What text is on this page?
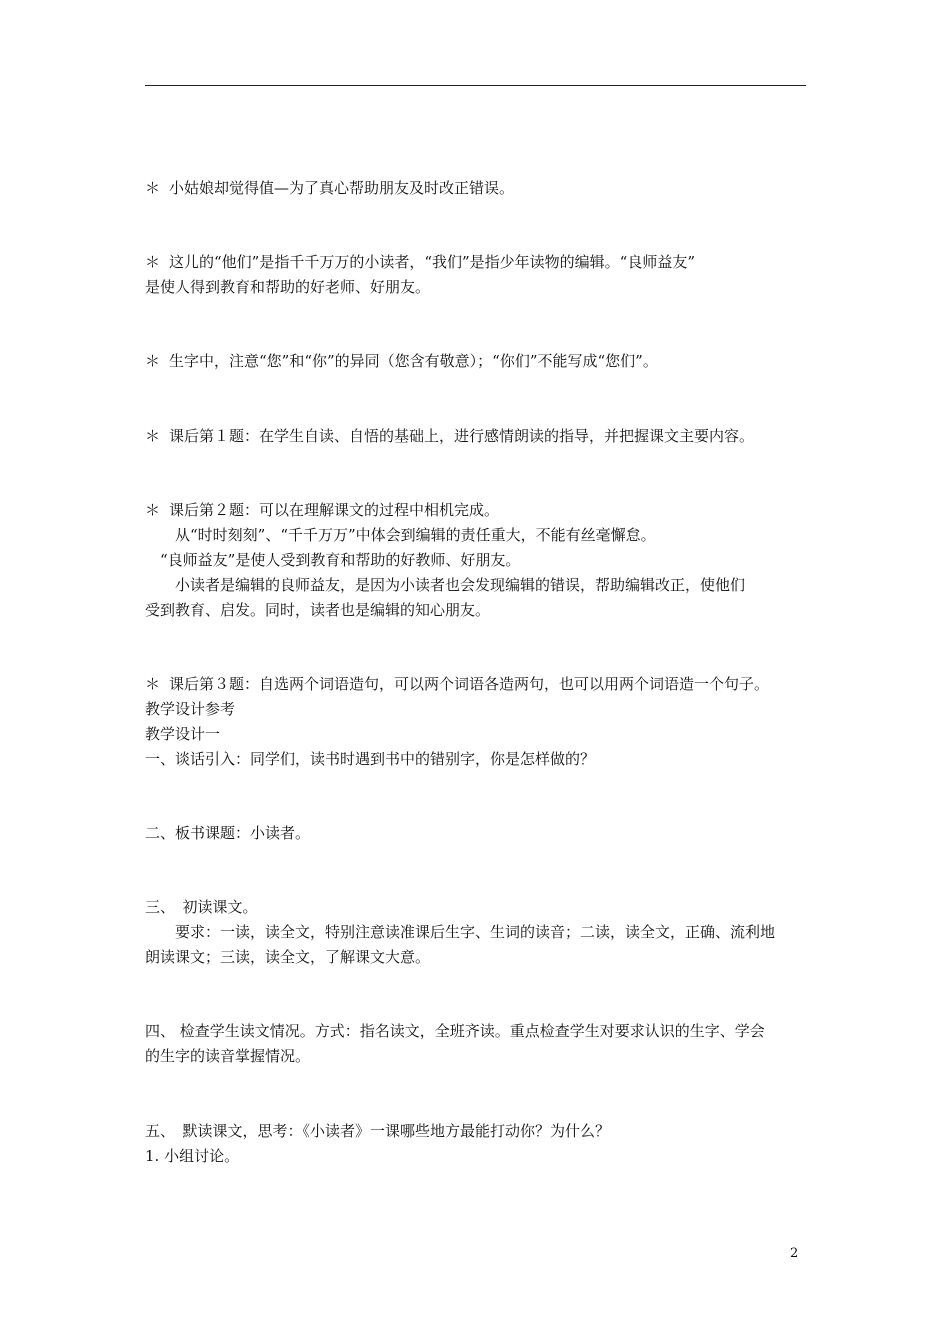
＊ 小姑娘却觉得值—为了真心帮助朋友及时改正错误。
＊ 这儿的“他们”是指千千万万的小读者，“我们”是指少年读物的编辑。“良师益友”
是使人得到教育和帮助的好老师、好朋友。
＊ 生字中，注意“您”和“你”的异同（您含有敬意）；“你们”不能写成“您们”。
＊ 课后第１题：在学生自读、自悟的基础上，进行感情朗读的指导，并把握课文主要内容。
＊ 课后第２题：可以在理解课文的过程中相机完成。
　　从“时时刻刻”、“千千万万”中体会到编辑的责任重大，不能有丝毫懈怠。
　“良师益友”是使人受到教育和帮助的好教师、好朋友。
　　小读者是编辑的良师益友，是因为小读者也会发现编辑的错误，帮助编辑改正，使他们
受到教育、启发。同时，读者也是编辑的知心朋友。
＊ 课后第３题：自选两个词语造句，可以两个词语各造两句，也可以用两个词语造一个句子。
教学设计参考
教学设计一
一、谈话引入：同学们，读书时遇到书中的错别字，你是怎样做的？
二、板书课题：小读者。
三、　初读课文。
　　要求：一读，读全文，特别注意读准课后生字、生词的读音；二读，读全文，正确、流利地
朗读课文；三读，读全文，了解课文大意。
四、 检查学生读文情况。方式：指名读文，全班齐读。重点检查学生对要求认识的生字、学会
的生字的读音掌握情况。
五、　默读课文，思考：《小读者》一课哪些地方最能打动你？为什么？
1. 小组讨论。
2
